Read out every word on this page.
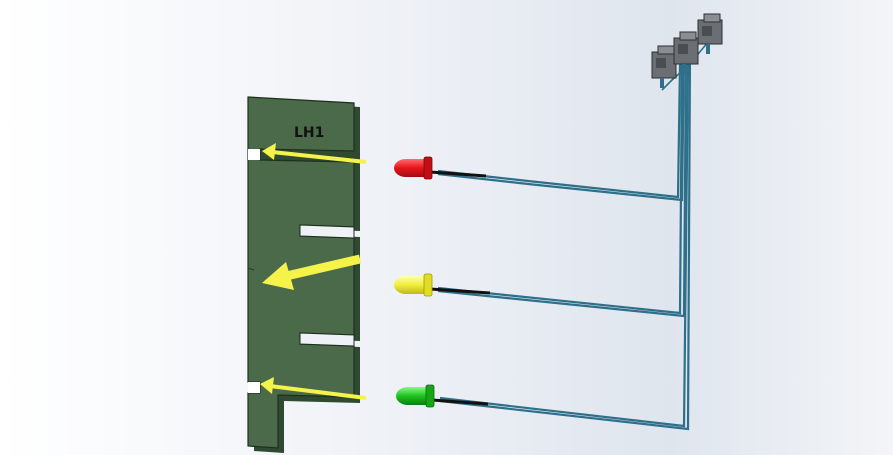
LH1
